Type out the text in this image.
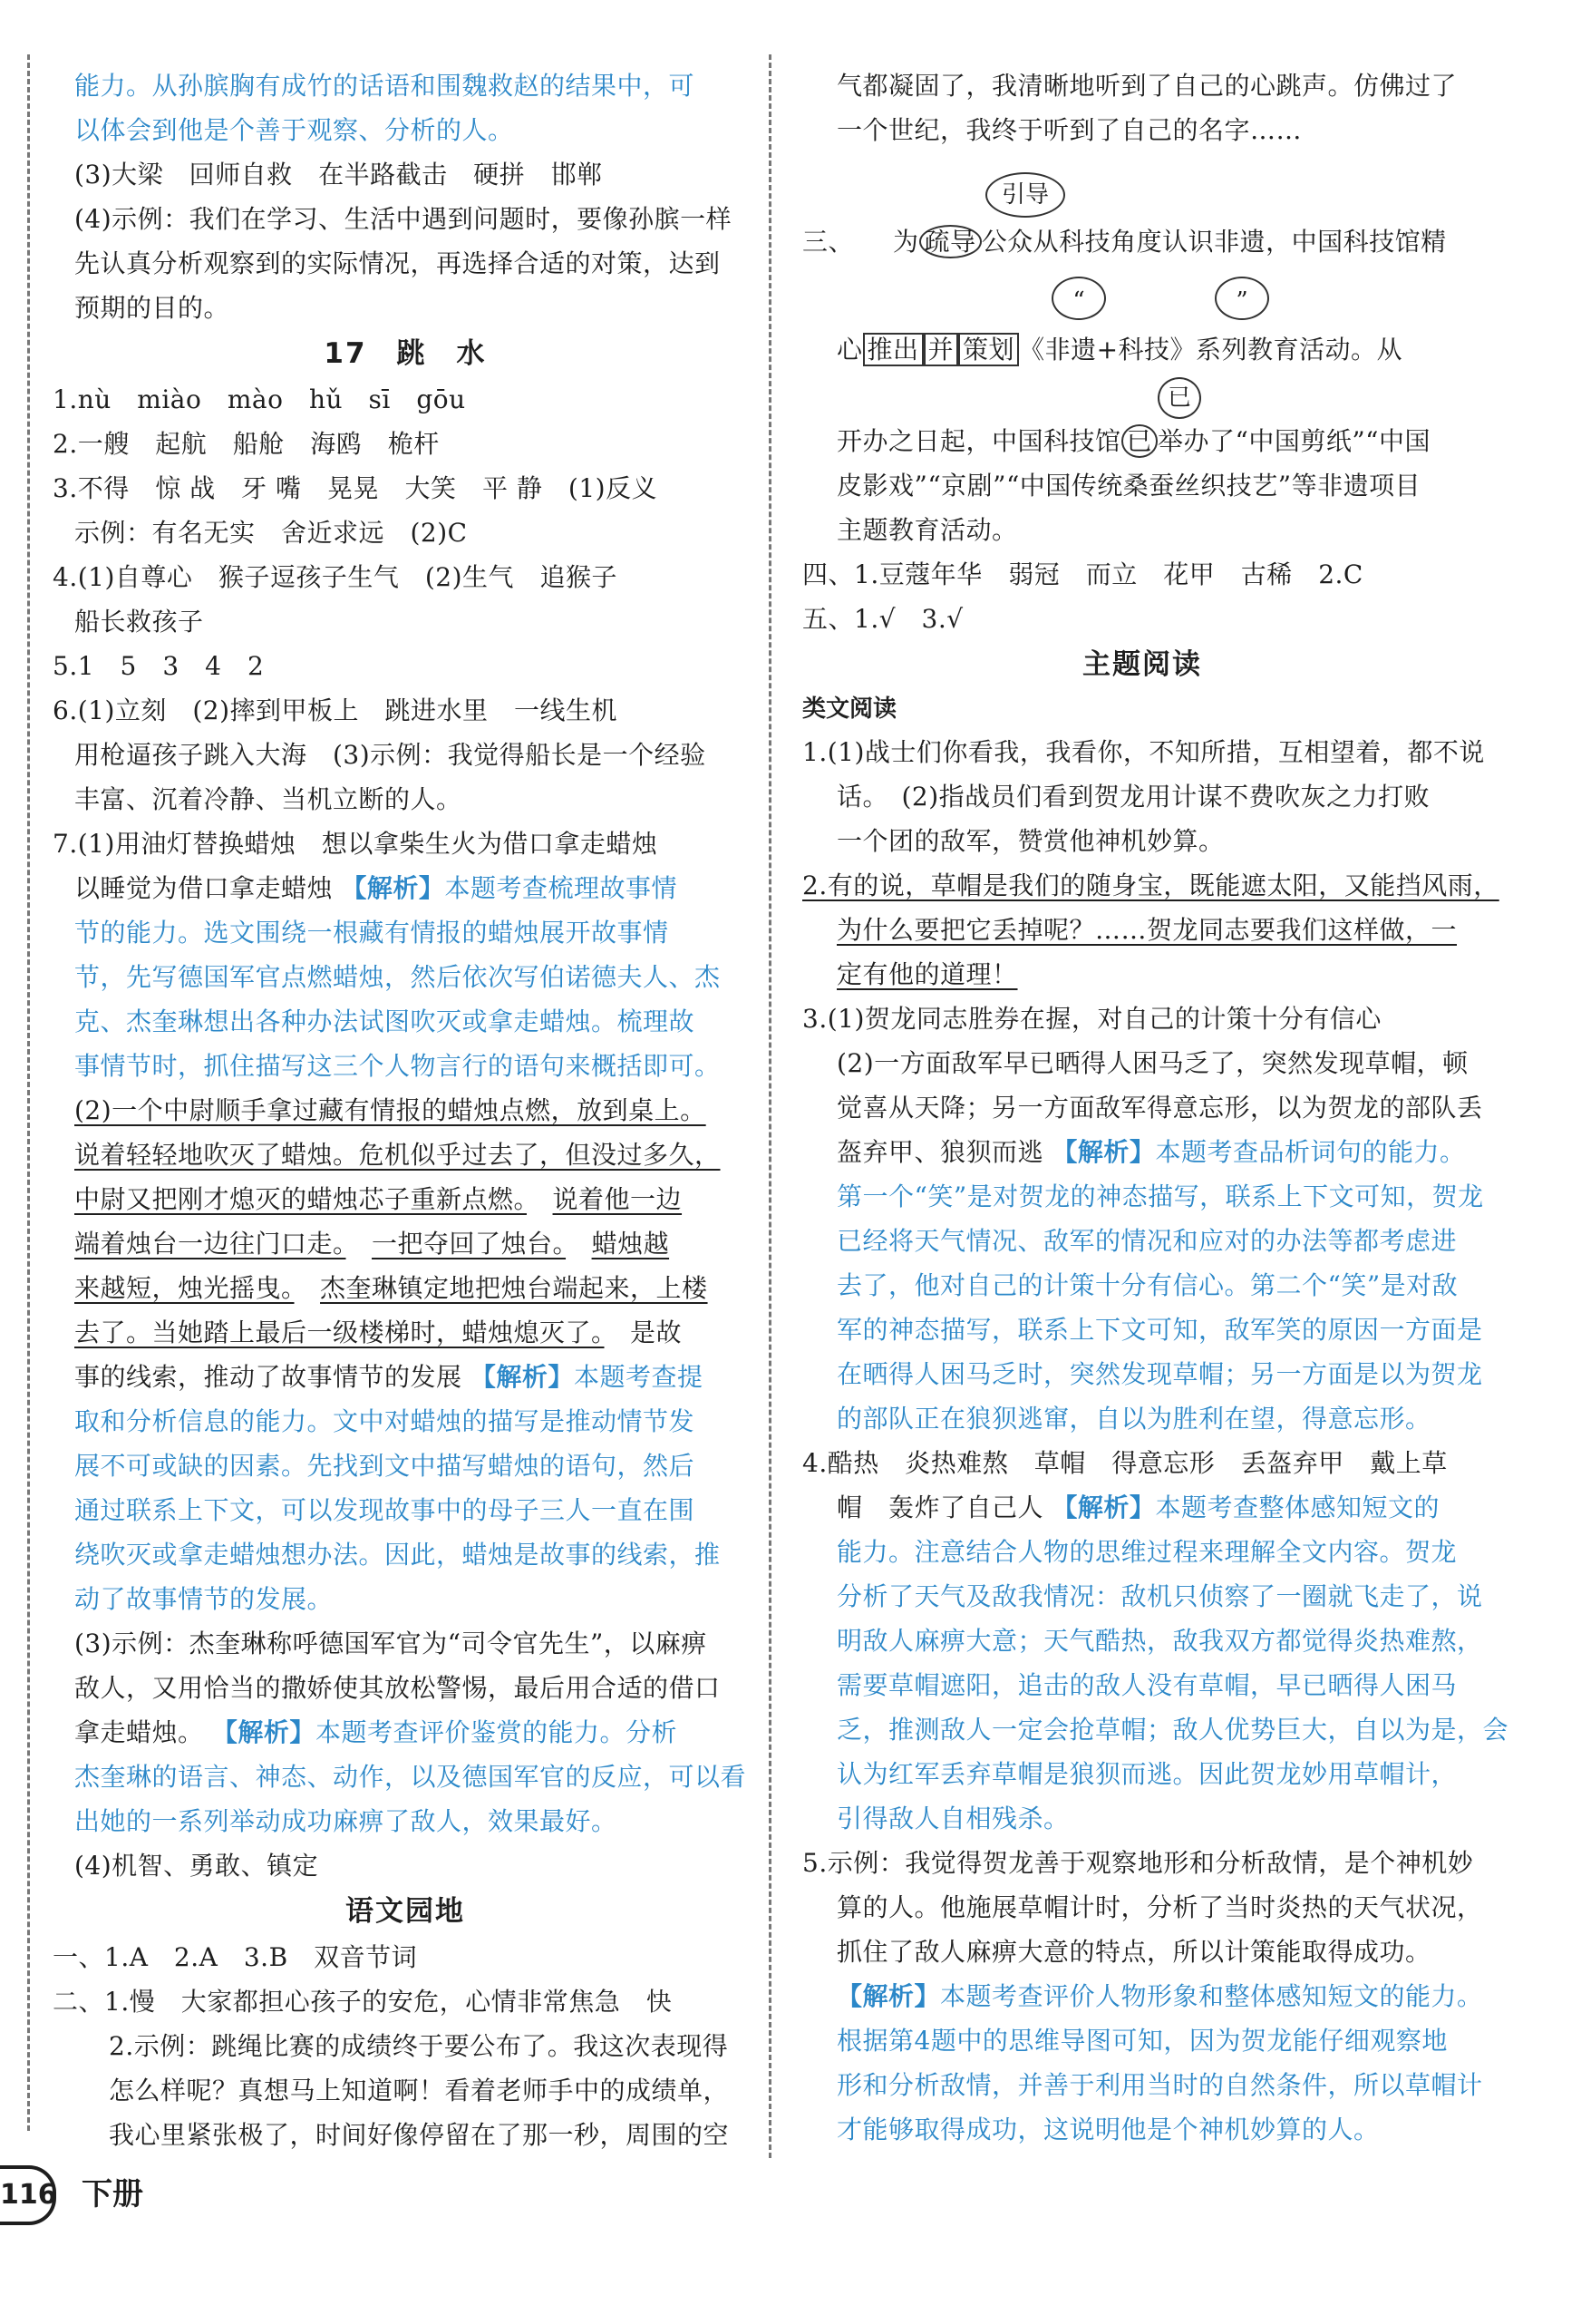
能力。从孙膑胸有成竹的话语和围魏救赵的结果中，可
以体会到他是个善于观察、分析的人。
(3)大梁　回师自救　在半路截击　硬拼　邯郸
(4)示例：我们在学习、生活中遇到问题时，要像孙膑一样
先认真分析观察到的实际情况，再选择合适的对策，达到
预期的目的。
17　跳　水
1.nù　miào　mào　hǔ　sī　gōu
2.一艘　起航　船舱　海鸥　桅杆
3.不得　惊 战　牙 嘴　晃晃　大笑　平 静　(1)反义
示例：有名无实　舍近求远　(2)C
4.(1)自尊心　猴子逗孩子生气　(2)生气　追猴子
船长救孩子
5.1　5　3　4　2
6.(1)立刻　(2)摔到甲板上　跳进水里　一线生机
用枪逼孩子跳入大海　(3)示例：我觉得船长是一个经验
丰富、沉着冷静、当机立断的人。
7.(1)用油灯替换蜡烛　想以拿柴生火为借口拿走蜡烛
以睡觉为借口拿走蜡烛 【解析】本题考查梳理故事情
节的能力。选文围绕一根藏有情报的蜡烛展开故事情
节，先写德国军官点燃蜡烛，然后依次写伯诺德夫人、杰
克、杰奎琳想出各种办法试图吹灭或拿走蜡烛。梳理故
事情节时，抓住描写这三个人物言行的语句来概括即可。
(2)一个中尉顺手拿过藏有情报的蜡烛点燃，放到桌上。
说着轻轻地吹灭了蜡烛。危机似乎过去了，但没过多久，
中尉又把刚才熄灭的蜡烛芯子重新点燃。　 说着他一边
端着烛台一边往门口走。　 一把夺回了烛台。　 蜡烛越
来越短，烛光摇曳。　 杰奎琳镇定地把烛台端起来，上楼
去了。当她踏上最后一级楼梯时，蜡烛熄灭了。　 是故
事的线索，推动了故事情节的发展 【解析】本题考查提
取和分析信息的能力。文中对蜡烛的描写是推动情节发
展不可或缺的因素。先找到文中描写蜡烛的语句，然后
通过联系上下文，可以发现故事中的母子三人一直在围
绕吹灭或拿走蜡烛想办法。因此，蜡烛是故事的线索，推
动了故事情节的发展。
(3)示例：杰奎琳称呼德国军官为“司令官先生”，以麻痹
敌人，又用恰当的撒娇使其放松警惕，最后用合适的借口
拿走蜡烛。 【解析】本题考查评价鉴赏的能力。分析
杰奎琳的语言、神态、动作，以及德国军官的反应，可以看
出她的一系列举动成功麻痹了敌人，效果最好。
(4)机智、勇敢、镇定
语文园地
一、1.A　2.A　3.B　双音节词
二、1.慢　大家都担心孩子的安危，心情非常焦急　快
2.示例：跳绳比赛的成绩终于要公布了。我这次表现得
怎么样呢？真想马上知道啊！看着老师手中的成绩单，
我心里紧张极了，时间好像停留在了那一秒，周围的空
气都凝固了，我清晰地听到了自己的心跳声。仿佛过了
一个世纪，我终于听到了自己的名字……
引导
三、　　 为 疏导 公众从科技角度认识非遗，中国科技馆精
“	”
心 推出 并 策划 《非遗+科技》系列教育活动。从
已
开办之日起，中国科技馆 已 举办了“中国剪纸”“中国
皮影戏”“京剧”“中国传统桑蚕丝织技艺”等非遗项目
主题教育活动。
四、1.豆蔻年华　弱冠　而立　花甲　古稀　2.C
五、1.√　3.√
主题阅读
类文阅读
1.(1)战士们你看我，我看你，不知所措，互相望着，都不说
话。　(2)指战员们看到贺龙用计谋不费吹灰之力打败
一个团的敌军，赞赏他神机妙算。
2.有的说，草帽是我们的随身宝，既能遮太阳，又能挡风雨，
为什么要把它丢掉呢？……贺龙同志要我们这样做，一
定有他的道理！
3.(1)贺龙同志胜券在握，对自己的计策十分有信心
(2)一方面敌军早已晒得人困马乏了，突然发现草帽，顿
觉喜从天降；另一方面敌军得意忘形，以为贺龙的部队丢
盔弃甲、狼狈而逃 【解析】本题考查品析词句的能力。
第一个“笑”是对贺龙的神态描写，联系上下文可知，贺龙
已经将天气情况、敌军的情况和应对的办法等都考虑进
去了，他对自己的计策十分有信心。第二个“笑”是对敌
军的神态描写，联系上下文可知，敌军笑的原因一方面是
在晒得人困马乏时，突然发现草帽；另一方面是以为贺龙
的部队正在狼狈逃窜，自以为胜利在望，得意忘形。
4.酷热　炎热难熬　草帽　得意忘形　丢盔弃甲　戴上草
帽　轰炸了自己人 【解析】本题考查整体感知短文的
能力。注意结合人物的思维过程来理解全文内容。贺龙
分析了天气及敌我情况：敌机只侦察了一圈就飞走了，说
明敌人麻痹大意；天气酷热，敌我双方都觉得炎热难熬，
需要草帽遮阳，追击的敌人没有草帽，早已晒得人困马
乏，推测敌人一定会抢草帽；敌人优势巨大，自以为是，会
认为红军丢弃草帽是狼狈而逃。因此贺龙妙用草帽计，
引得敌人自相残杀。
5.示例：我觉得贺龙善于观察地形和分析敌情，是个神机妙
算的人。他施展草帽计时，分析了当时炎热的天气状况，
抓住了敌人麻痹大意的特点，所以计策能取得成功。
【解析】本题考查评价人物形象和整体感知短文的能力。
根据第4题中的思维导图可知，因为贺龙能仔细观察地
形和分析敌情，并善于利用当时的自然条件，所以草帽计
才能够取得成功，这说明他是个神机妙算的人。
116 下册
